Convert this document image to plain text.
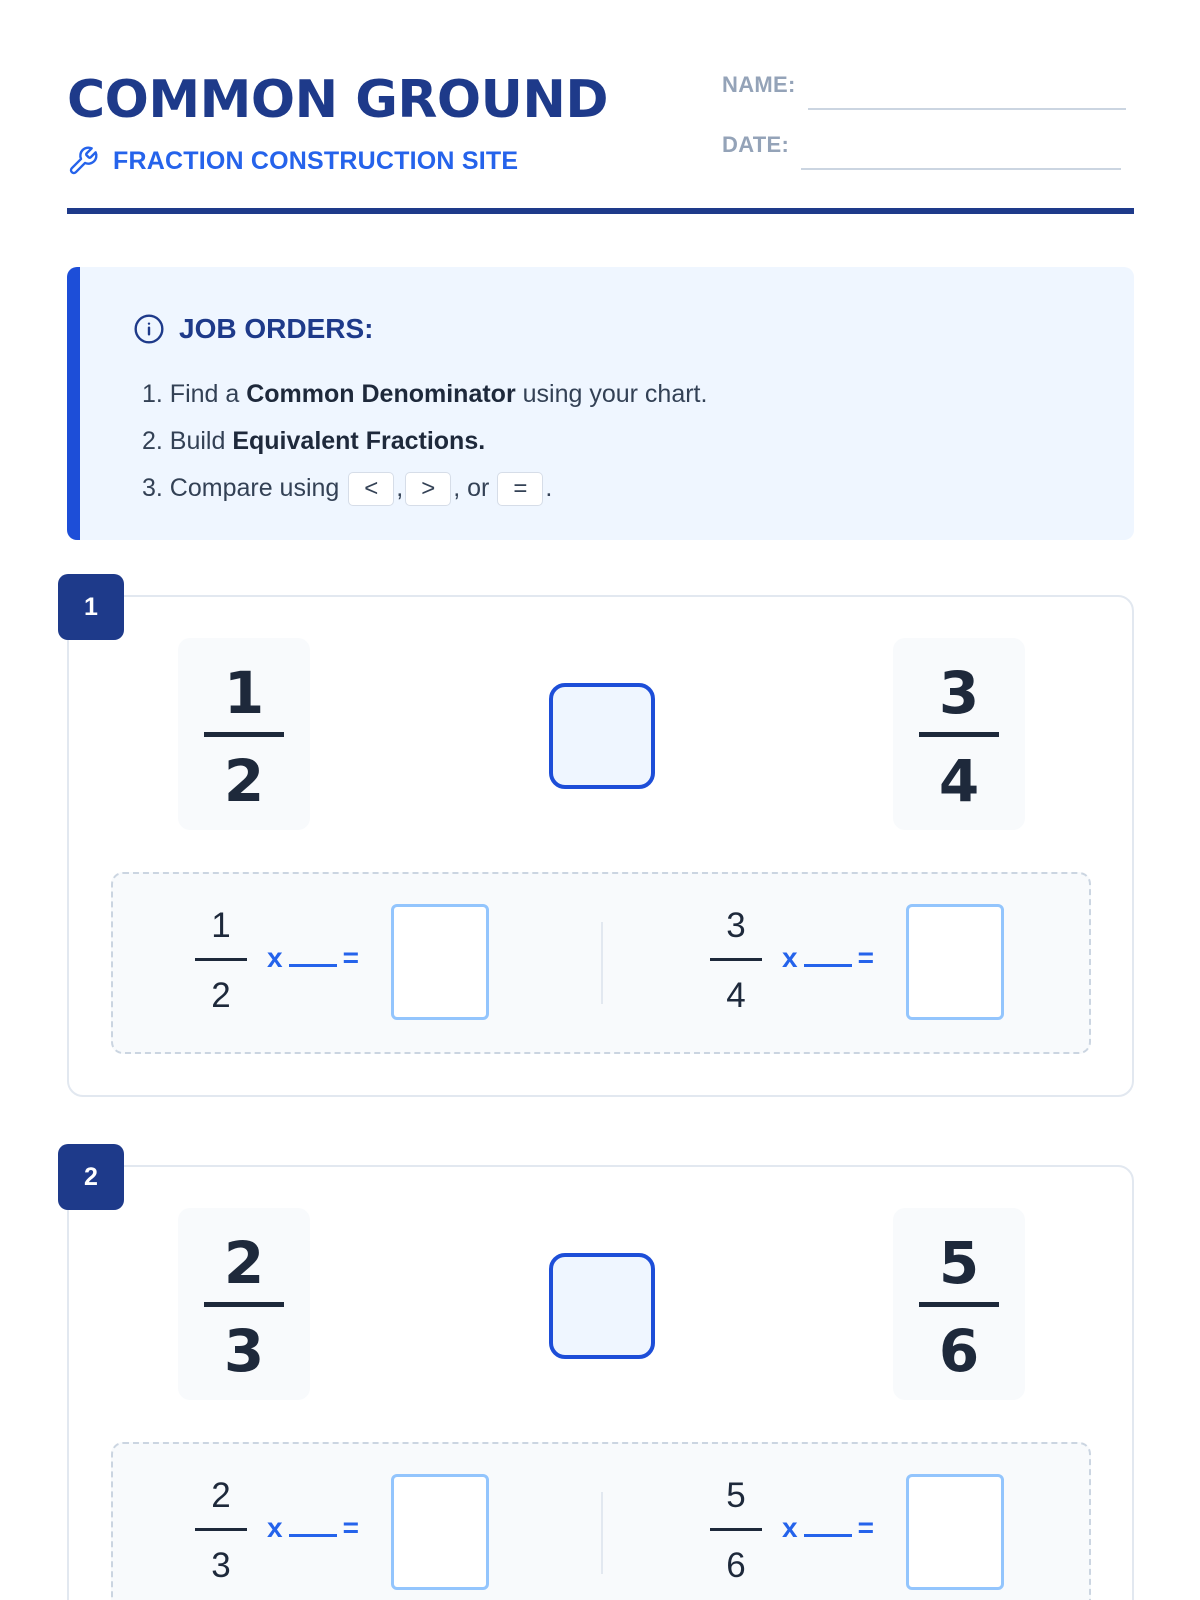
COMMON GROUND
FRACTION CONSTRUCTION SITE
NAME:
DATE:
JOB ORDERS:
1. Find a Common Denominator using your chart.
2. Build Equivalent Fractions.
3. Compare using < , > , or = .
1
1
2
3
4
1
2
x =
3
4
x =
2
2
3
5
6
2
3
x =
5
6
x =
